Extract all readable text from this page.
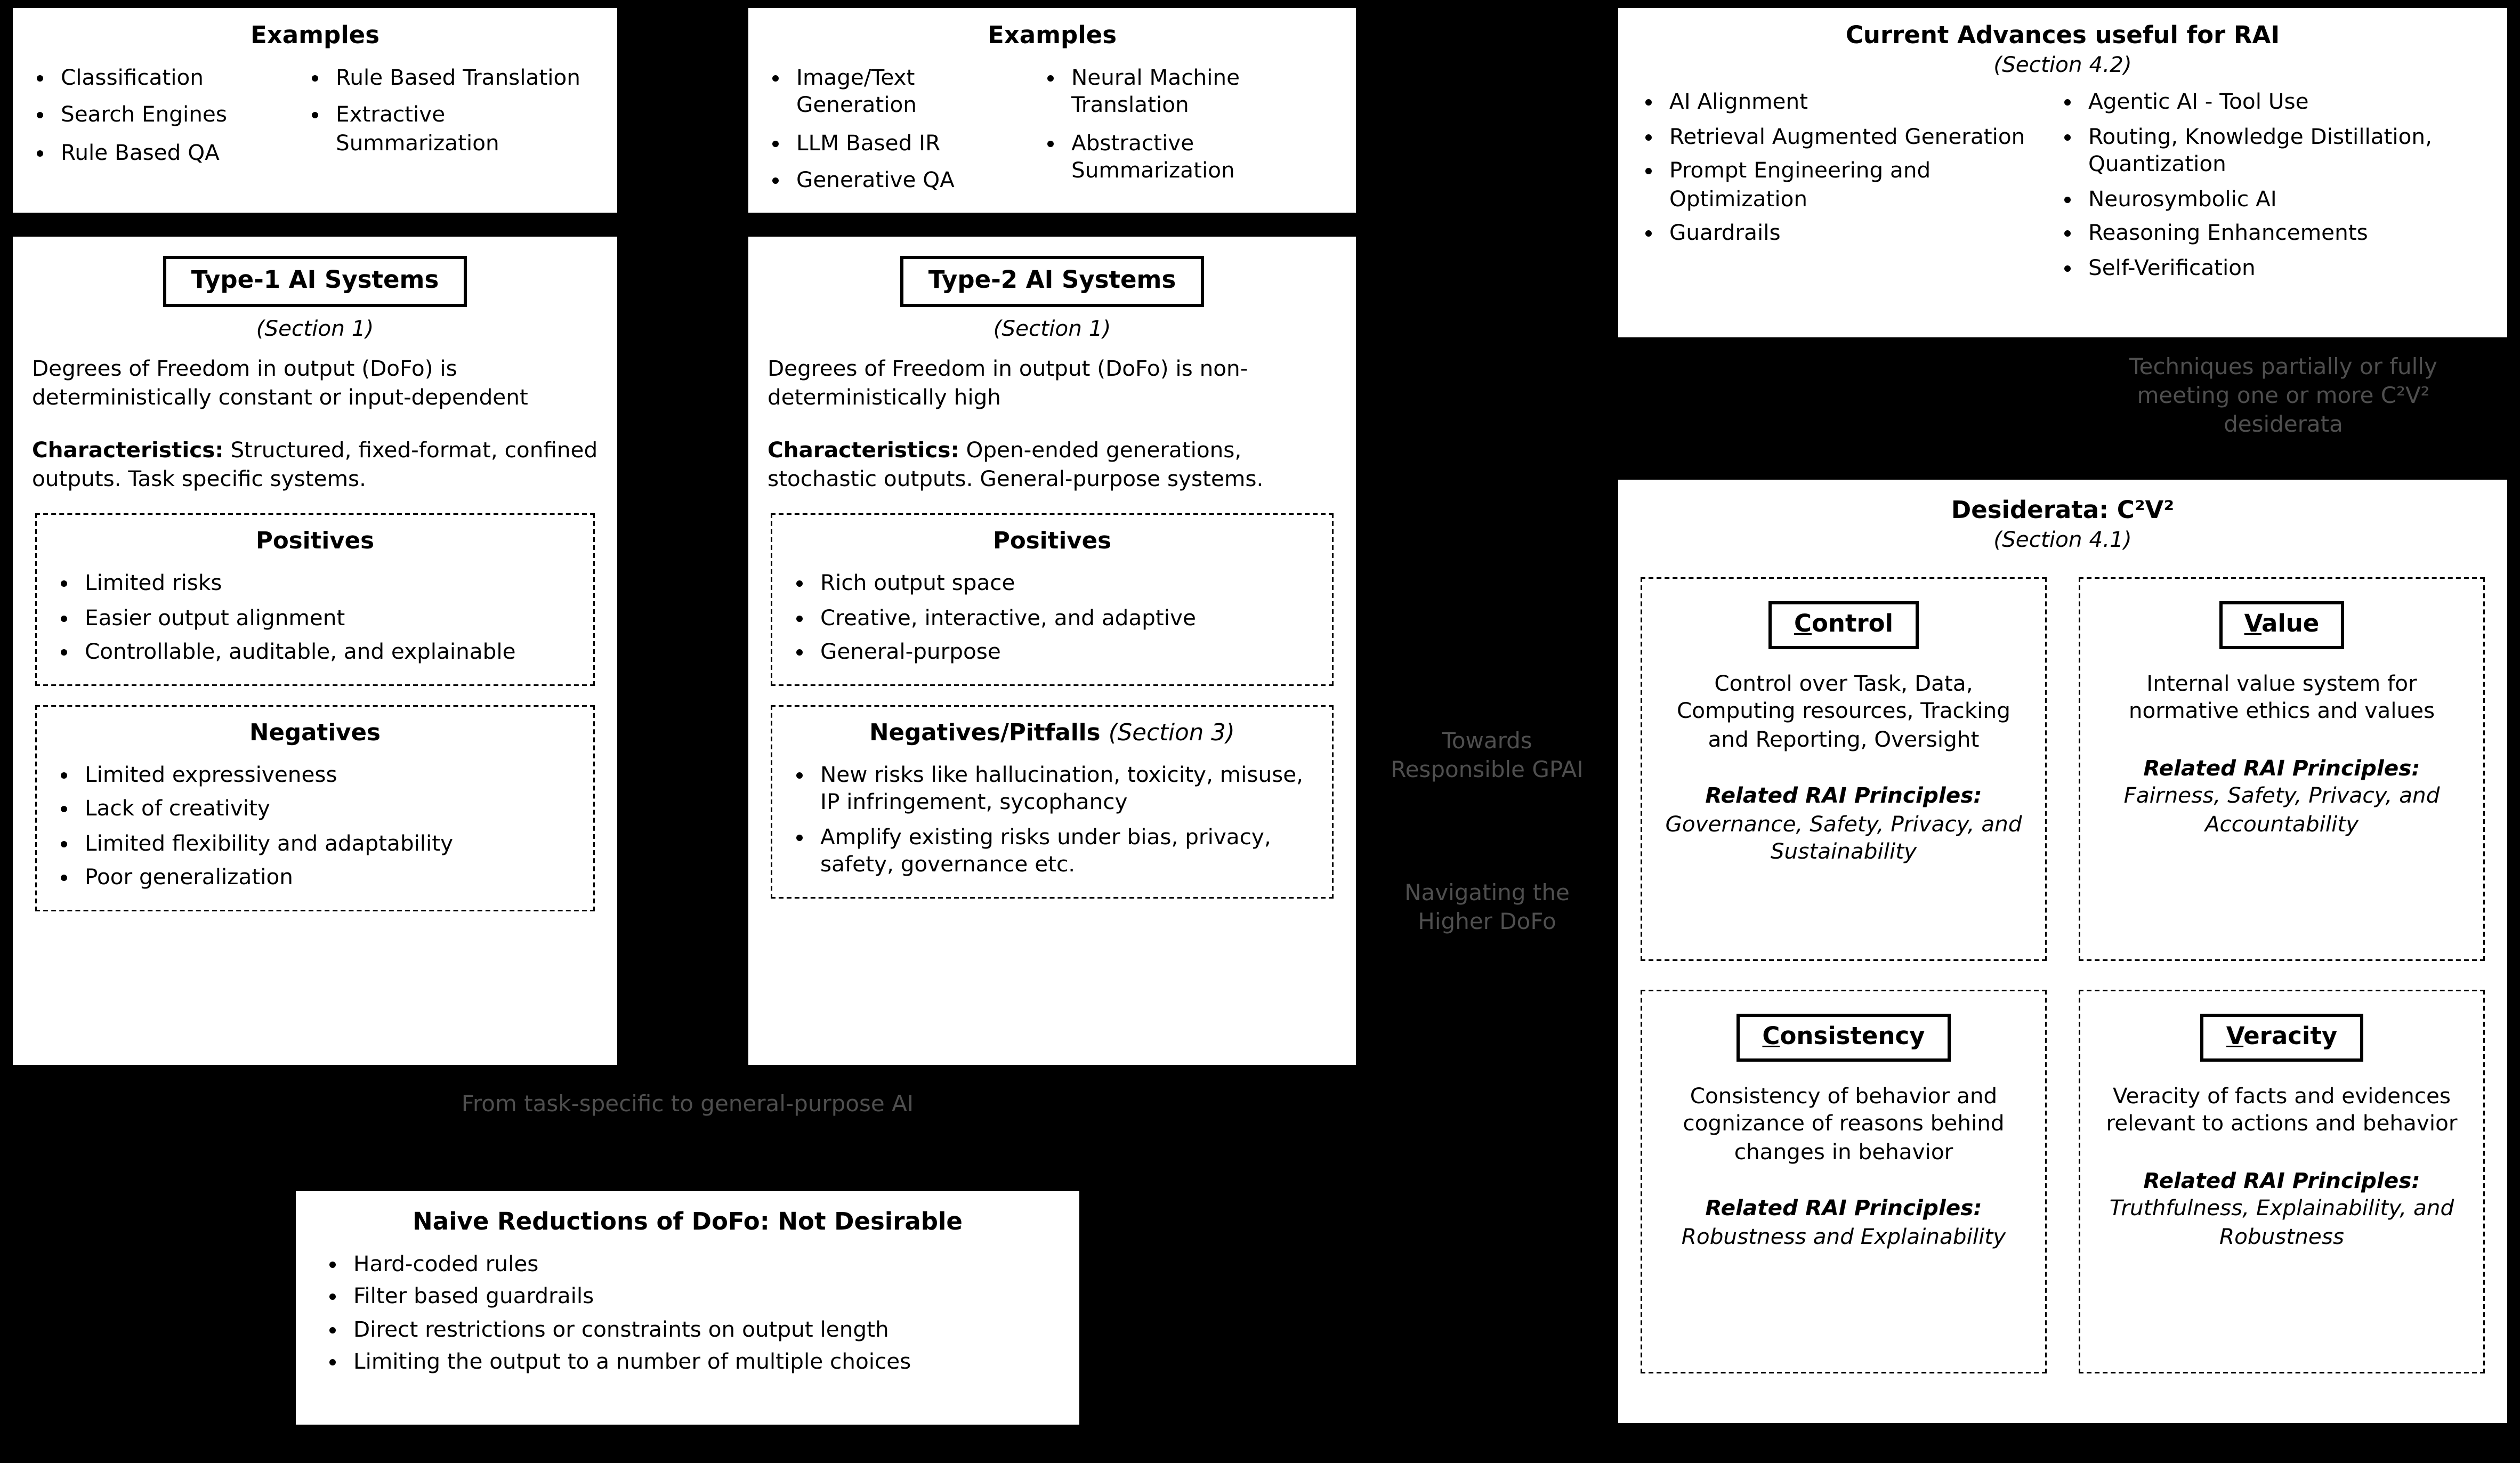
Examples
• Classification
• Search Engines
• Rule Based QA
• Rule Based Translation
• Extractive Summarization
Examples
• Image/Text Generation
• LLM Based IR
• Generative QA
• Neural Machine Translation
• Abstractive Summarization
Type-1 AI Systems
(Section 1)

Degrees of Freedom in output (DoFo) is deterministically constant or input-dependent

Characteristics: Structured, fixed-format, confined outputs. Task specific systems.

Positives
• Limited risks
• Easier output alignment
• Controllable, auditable, and explainable
Negatives
• Limited expressiveness
• Lack of creativity
• Limited flexibility and adaptability
• Poor generalization
Type-2 AI Systems
(Section 1)

Degrees of Freedom in output (DoFo) is non-deterministically high

Characteristics: Open-ended generations, stochastic outputs. General-purpose systems.

Positives
• Rich output space
• Creative, interactive, and adaptive
• General-purpose
Negatives/Pitfalls (Section 3)
• New risks like hallucination, toxicity, misuse, IP infringement, sycophancy
• Amplify existing risks under bias, privacy, safety, governance etc.
From task-specific to general-purpose AI
Naive Reductions of DoFo: Not Desirable
• Hard-coded rules
• Filter based guardrails
• Direct restrictions or constraints on output length
• Limiting the output to a number of multiple choices
Towards Responsible GPAI
Navigating the Higher DoFo
Current Advances useful for RAI
(Section 4.2)
• AI Alignment
• Retrieval Augmented Generation
• Prompt Engineering and Optimization
• Guardrails
• Agentic AI - Tool Use
• Routing, Knowledge Distillation, Quantization
• Neurosymbolic AI
• Reasoning Enhancements
• Self-Verification
Techniques partially or fully meeting one or more C²V² desiderata
Desiderata: C²V²
(Section 4.1)
Control

Control over Task, Data, Computing resources, Tracking and Reporting, Oversight

Related RAI Principles:
Governance, Safety, Privacy, and Sustainability

Value

Internal value system for normative ethics and values

Related RAI Principles:
Fairness, Safety, Privacy, and Accountability

Consistency

Consistency of behavior and cognizance of reasons behind changes in behavior

Related RAI Principles:
Robustness and Explainability

Veracity

Veracity of facts and evidences relevant to actions and behavior

Related RAI Principles:
Truthfulness, Explainability, and Robustness
